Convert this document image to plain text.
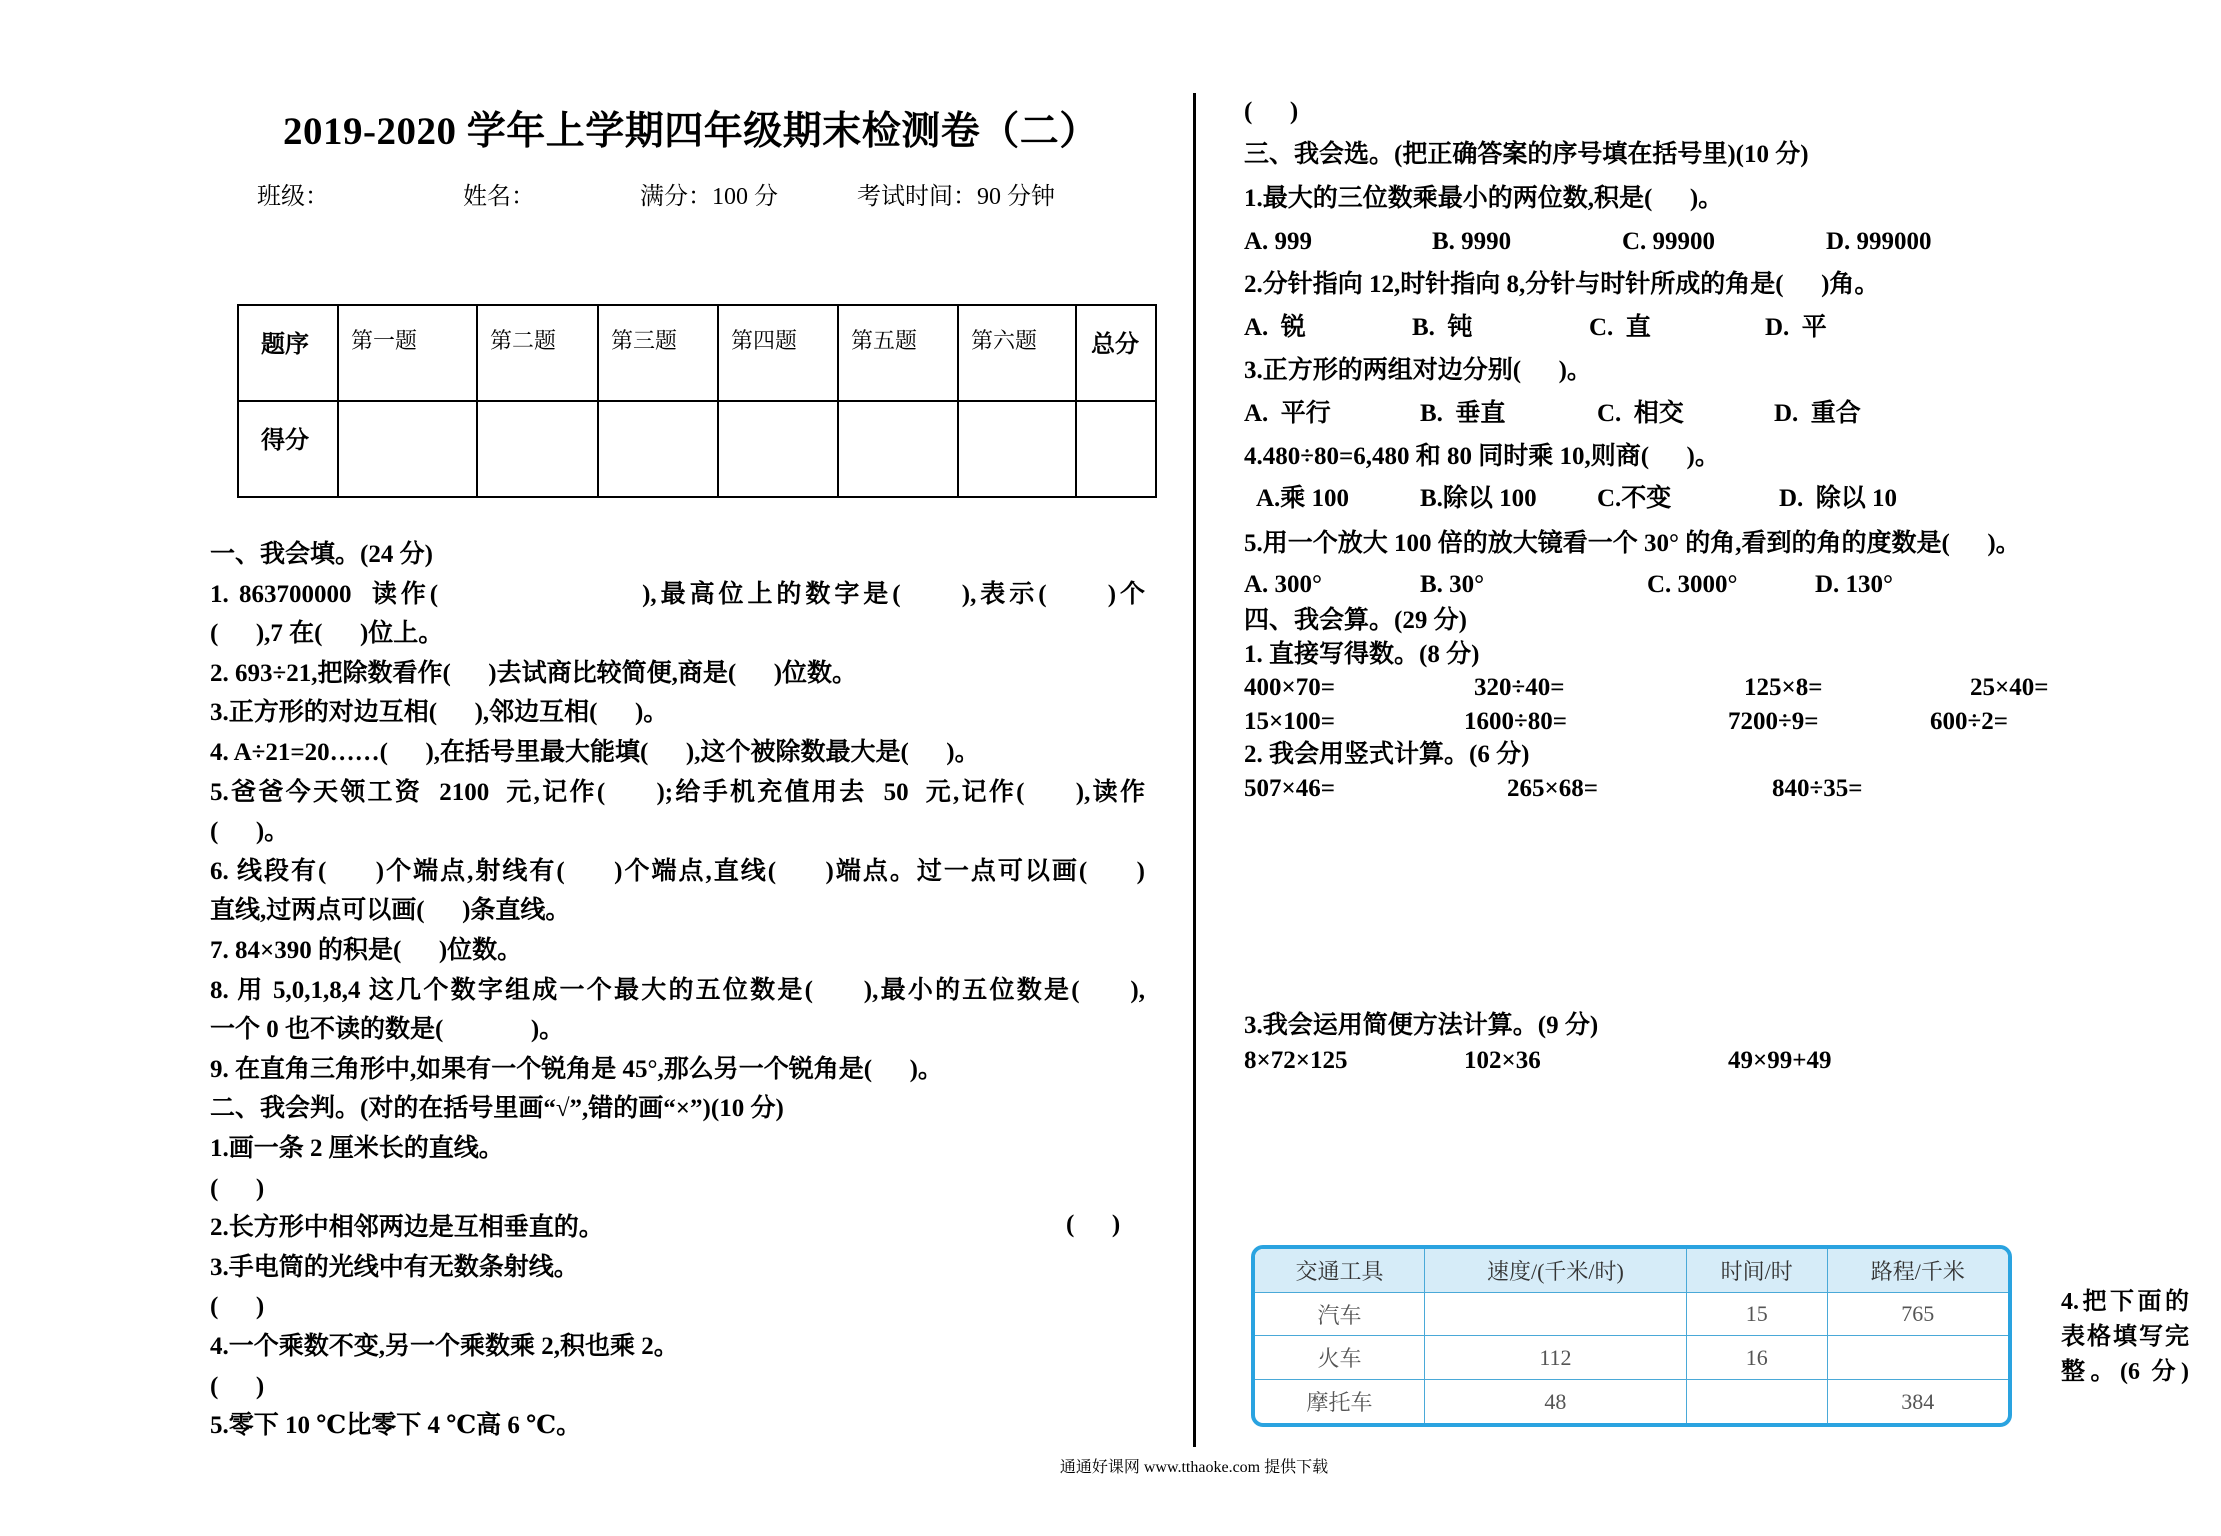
2019-2020 学年上学期四年级期末检测卷（二）
班级：	姓名：	满分：100 分	考试时间：90 分钟
题序	第一题	第二题	第三题	第四题	第五题	第六题	总分
得分							
一、我会填。(24 分)
1. 863700000  读作(                    ),最高位上的数字是(      ),表示(      )个
(      ),7 在(      )位上。
2. 693÷21,把除数看作(      )去试商比较简便,商是(      )位数。
3.正方形的对边互相(      ),邻边互相(      )。
4. A÷21=20……(      ),在括号里最大能填(      ),这个被除数最大是(      )。
5.爸爸今天领工资  2100  元,记作(      );给手机充值用去  50  元,记作(      ),读作
(      )。
6. 线段有(      )个端点,射线有(      )个端点,直线(      )端点。过一点可以画(      )
直线,过两点可以画(      )条直线。
7. 84×390 的积是(      )位数。
8. 用 5,0,1,8,4 这几个数字组成一个最大的五位数是(      ),最小的五位数是(      ),
一个 0 也不读的数是(              )。
9. 在直角三角形中,如果有一个锐角是 45°,那么另一个锐角是(      )。
二、我会判。(对的在括号里画“√”,错的画“×”)(10 分)
1.画一条 2 厘米长的直线。
(      )
2.长方形中相邻两边是互相垂直的。
3.手电筒的光线中有无数条射线。
(      )
4.一个乘数不变,另一个乘数乘 2,积也乘 2。
(      )
5.零下 10 ℃比零下 4 ℃高 6 ℃。
(      )
(      )
三、我会选。(把正确答案的序号填在括号里)(10 分)
1.最大的三位数乘最小的两位数,积是(      )。
A. 999	B. 9990	C. 99900	D. 999000
2.分针指向 12,时针指向 8,分针与时针所成的角是(      )角。
A.  锐	B.  钝	C.  直	D.  平
3.正方形的两组对边分别(      )。
A.  平行	B.  垂直	C.  相交	D.  重合
4.480÷80=6,480 和 80 同时乘 10,则商(      )。
A.乘 100	B.除以 100 C.不变	D.  除以 10
5.用一个放大 100 倍的放大镜看一个 30° 的角,看到的角的度数是(      )。
A. 300°	B. 30°	C. 3000°	D. 130°
四、我会算。(29 分)
1. 直接写得数。(8 分)
400×70=	320÷40=	125×8=	25×40=
15×100=	1600÷80=	7200÷9=	600÷2=
2. 我会用竖式计算。(6 分)
507×46=	265×68=	840÷35=
3.我会运用简便方法计算。(9 分)
8×72×125	102×36	49×99+49
交通工具	速度/(千米/时)	时间/时	路程/千米
汽车		15	765
火车	112	16	
摩托车	48		384
4.把下面的表格填写完整。(6 分)
通通好课网 www.tthaoke.com 提供下载
